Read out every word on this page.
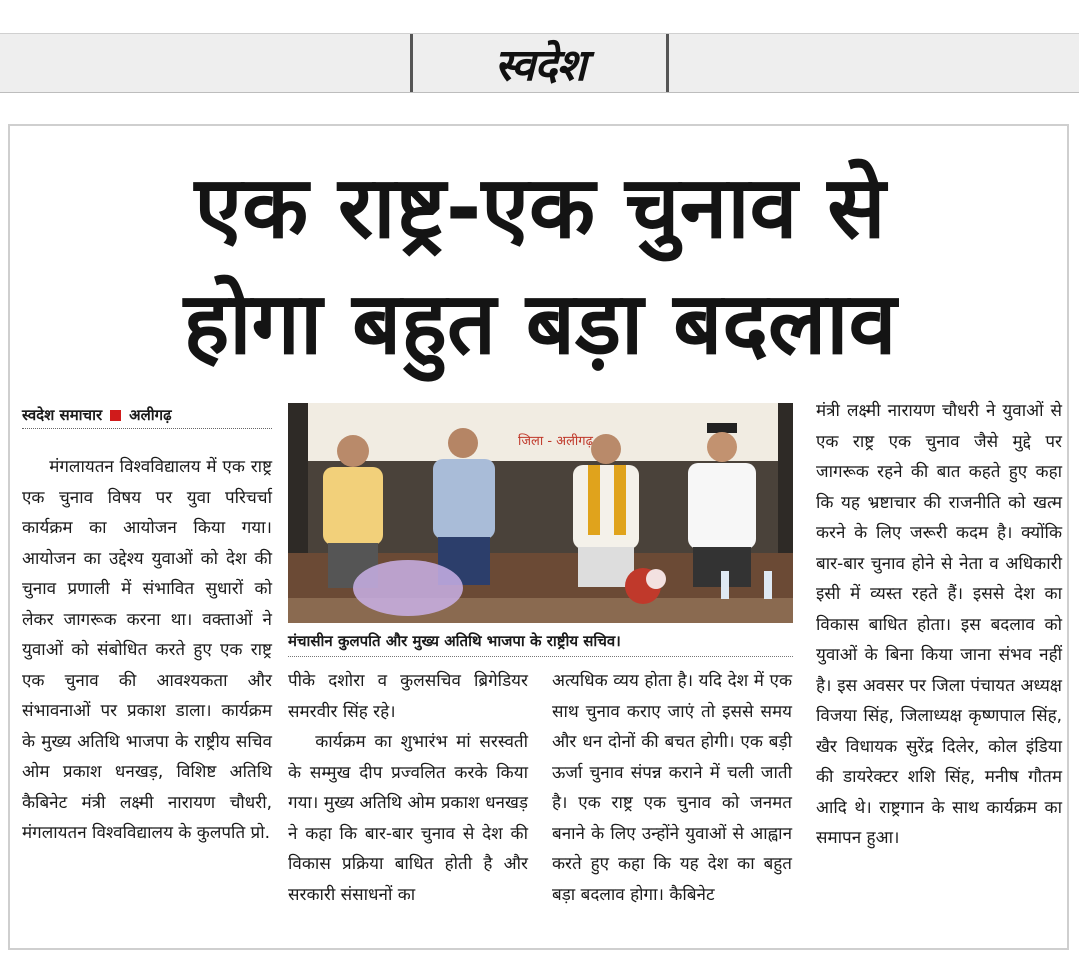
स्वदेश
एक राष्ट्र-एक चुनाव से
होगा बहुत बड़ा बदलाव
स्वदेश समाचार अलीगढ़

मंगलायतन विश्वविद्यालय में एक राष्ट्र एक चुनाव विषय पर युवा परिचर्चा कार्यक्रम का आयोजन किया गया। आयोजन का उद्देश्य युवाओं को देश की चुनाव प्रणाली में संभावित सुधारों को लेकर जागरूक करना था। वक्ताओं ने युवाओं को संबोधित करते हुए एक राष्ट्र एक चुनाव की आवश्यकता और संभावनाओं पर प्रकाश डाला। कार्यक्रम के मुख्य अतिथि भाजपा के राष्ट्रीय सचिव ओम प्रकाश धनखड़, विशिष्ट अतिथि कैबिनेट मंत्री लक्ष्मी नारायण चौधरी, मंगलायतन विश्वविद्यालय के कुलपति प्रो.

जिला - अलीगढ़
मंचासीन कुलपति और मुख्य अतिथि भाजपा के राष्ट्रीय सचिव।

पीके दशोरा व कुलसचिव ब्रिगेडियर समरवीर सिंह रहे।

कार्यक्रम का शुभारंभ मां सरस्वती के सम्मुख दीप प्रज्वलित करके किया गया। मुख्य अतिथि ओम प्रकाश धनखड़ ने कहा कि बार-बार चुनाव से देश की विकास प्रक्रिया बाधित होती है और सरकारी संसाधनों का

अत्यधिक व्यय होता है। यदि देश में एक साथ चुनाव कराए जाएं तो इससे समय और धन दोनों की बचत होगी। एक बड़ी ऊर्जा चुनाव संपन्न कराने में चली जाती है। एक राष्ट्र एक चुनाव को जनमत बनाने के लिए उन्होंने युवाओं से आह्वान करते हुए कहा कि यह देश का बहुत बड़ा बदलाव होगा। कैबिनेट

मंत्री लक्ष्मी नारायण चौधरी ने युवाओं से एक राष्ट्र एक चुनाव जैसे मुद्दे पर जागरूक रहने की बात कहते हुए कहा कि यह भ्रष्टाचार की राजनीति को खत्म करने के लिए जरूरी कदम है। क्योंकि बार-बार चुनाव होने से नेता व अधिकारी इसी में व्यस्त रहते हैं। इससे देश का विकास बाधित होता। इस बदलाव को युवाओं के बिना किया जाना संभव नहीं है। इस अवसर पर जिला पंचायत अध्यक्ष विजया सिंह, जिलाध्यक्ष कृष्णपाल सिंह, खैर विधायक सुरेंद्र दिलेर, कोल इंडिया की डायरेक्टर शशि सिंह, मनीष गौतम आदि थे। राष्ट्रगान के साथ कार्यक्रम का समापन हुआ।
